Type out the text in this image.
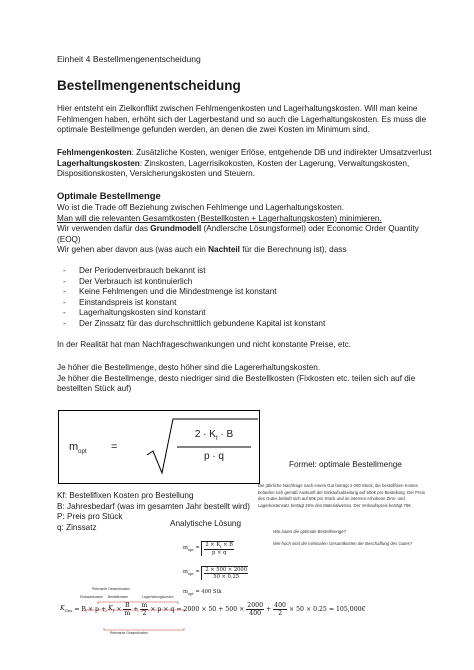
Einheit 4 Bestellmengenentscheidung
Bestellmengenentscheidung
Hier entsteht ein Zielkonflikt zwischen Fehlmengenkosten und Lagerhaltungskosten. Will man keine
Fehlmengen haben, erhöht sich der Lagerbestand und so auch die Lagerhaltungskosten. Es muss die
optimale Bestellmenge gefunden werden, an denen die zwei Kosten im Minimum sind.
Fehlmengenkosten: Zusätzliche Kosten, weniger Erlöse, entgehende DB und indirekter Umsatzverlust
Lagerhaltungskosten: Zinskosten, Lagerrisikokosten, Kosten der Lagerung, Verwaltungskosten,
Dispositionskosten, Versicherungskosten und Steuern.
Optimale Bestellmenge
Wo ist die Trade off Beziehung zwischen Fehlmenge und Lagerhaltungskosten.
Man will die relevanten Gesamtkosten (Bestellkosten + Lagerhaltungskosten) minimieren.
Wir verwenden dafür das Grundmodell (Andlersche Lösungsformel) oder Economic Order Quantity
(EOQ)
Wir gehen aber davon aus (was auch ein Nachteil für die Berechnung ist), dass
- Der Periodenverbrauch bekannt ist
- Der Verbrauch ist kontinuierlich
- Keine Fehlmengen und die Mindestmenge ist konstant
- Einstandspreis ist konstant
- Lagerhaltungskosten sind konstant
- Der Zinssatz für das durchschnittlich gebundene Kapital ist konstant
In der Realität hat man Nachfrageschwankungen und nicht konstante Preise, etc.
Je höher die Bestellmenge, desto höher sind die Lagererhaltungskosten.
Je höher die Bestellmenge, desto niedriger sind die Bestellkosten (Fixkosten etc. teilen sich auf die
bestellten Stück auf)
$m_{opt}$ =
$2 \cdot K_f \cdot B$
p · q
Formel: optimale Bestellmenge
Kf: Bestellfixen Kosten pro Bestellung
B: Jahresbedarf (was im gesamten Jahr bestellt wird)
P: Preis pro Stück
q: Zinssatz	Analytische Lösung
Die jährliche Nachfrage nach einem Gut beträgt 2 000 Stück, die bestellfixen Kosten
belaufen sich gemäß Auskunft der Einkaufsabteilung auf 500€ pro Bestellung. Der Preis
des Gutes beläuft sich auf 50€ pro Stück und im internen erhobene Zins- und
Lagerkostensatz beträgt 25% des Materialwertes. Der Verkaufspreis beträgt 75€.
Wie lautet die optimale Bestellmenge?
Wie hoch sind die minimalen Gesamtkosten der Beschaffung des Gutes?
$m_{opt} = \frac{2 \times K_f \times B}{p \times q}$
$m_{opt} = \frac{2 \times 500 \times 2000}{50 \times 0.25}$
$m_{opt} = 400$ Stk
Relevante Gesamtkosten
Einkaufskosten Bestellkosten	Lagerhaltungskosten
Relevante Gesamtkosten
$K_{Ges} = B \times p + K_f \times \frac{B}{m} + \frac{m}{2} \times p \times q = 2000 \times 50 + 500 \times \frac{2000}{400} + \frac{400}{2} \times 50 \times 0.25$ = 105,000€
